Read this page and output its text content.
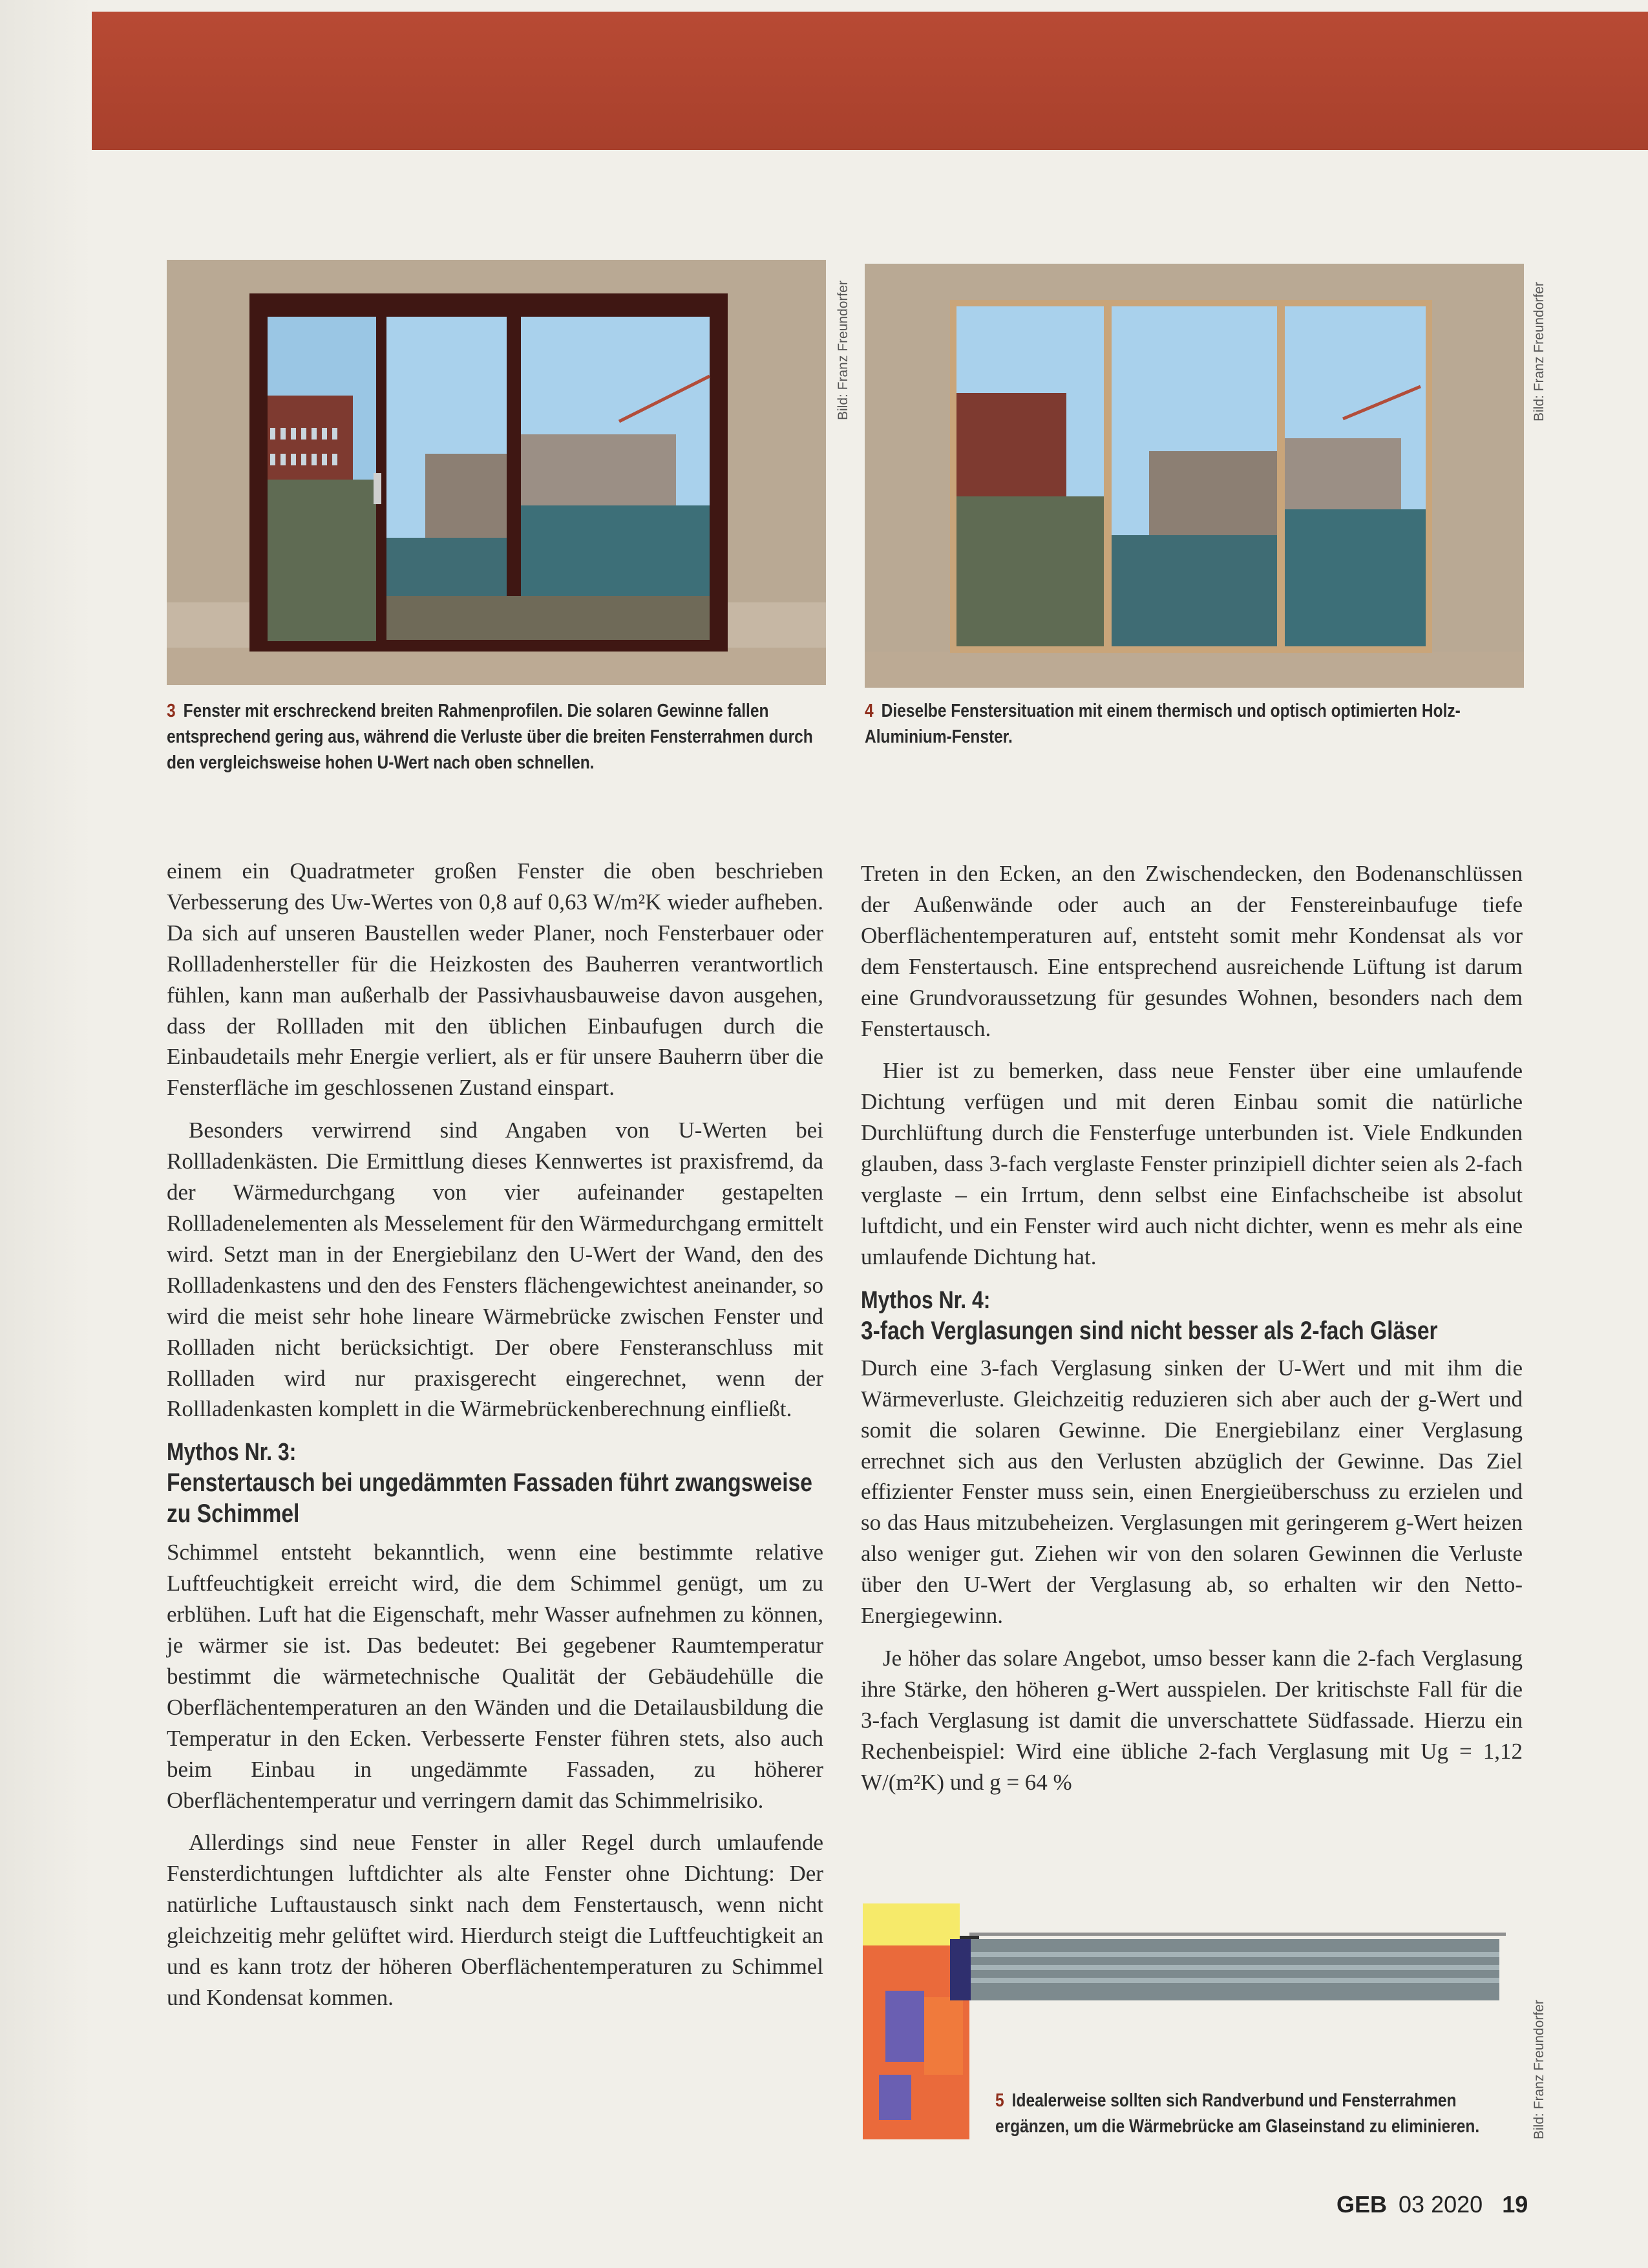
Bild: Franz Freundorfer	Bild: Franz Freundorfer
3 Fenster mit erschreckend breiten Rahmenprofilen. Die solaren Gewinne fallen entsprechend gering aus, während die Verluste über die breiten Fensterrahmen durch den vergleichsweise hohen U-Wert nach oben schnellen.
4 Dieselbe Fenstersituation mit einem thermisch und optisch optimierten Holz-Aluminium-Fenster.

einem ein Quadratmeter großen Fenster die oben beschrieben Verbesserung des Uw-Wertes von 0,8 auf 0,63 W/m²K wieder aufheben. Da sich auf unseren Baustellen weder Planer, noch Fensterbauer oder Rollladenhersteller für die Heizkosten des Bauherren verantwortlich fühlen, kann man außerhalb der Passivhausbauweise davon ausgehen, dass der Rollladen mit den üblichen Einbaufugen durch die Einbaudetails mehr Energie verliert, als er für unsere Bauherrn über die Fensterfläche im geschlossenen Zustand einspart.

Besonders verwirrend sind Angaben von U-Werten bei Rollladenkästen. Die Ermittlung dieses Kennwertes ist praxisfremd, da der Wärmedurchgang von vier aufeinander gestapelten Rollladenelementen als Messelement für den Wärmedurchgang ermittelt wird. Setzt man in der Energiebilanz den U-Wert der Wand, den des Rollladenkastens und den des Fensters flächengewichtest aneinander, so wird die meist sehr hohe lineare Wärmebrücke zwischen Fenster und Rollladen nicht berücksichtigt. Der obere Fensteranschluss mit Rollladen wird nur praxisgerecht eingerechnet, wenn der Rollladenkasten komplett in die Wärmebrückenberechnung einfließt.

Mythos Nr. 3:
Fenstertausch bei ungedämmten Fassaden führt zwangsweise zu Schimmel

Schimmel entsteht bekanntlich, wenn eine bestimmte relative Luftfeuchtigkeit erreicht wird, die dem Schimmel genügt, um zu erblühen. Luft hat die Eigenschaft, mehr Wasser aufnehmen zu können, je wärmer sie ist. Das bedeutet: Bei gegebener Raumtemperatur bestimmt die wärmetechnische Qualität der Gebäudehülle die Oberflächentemperaturen an den Wänden und die Detailausbildung die Temperatur in den Ecken. Verbesserte Fenster führen stets, also auch beim Einbau in ungedämmte Fassaden, zu höherer Oberflächentemperatur und verringern damit das Schimmelrisiko.

Allerdings sind neue Fenster in aller Regel durch umlaufende Fensterdichtungen luftdichter als alte Fenster ohne Dichtung: Der natürliche Luftaustausch sinkt nach dem Fenstertausch, wenn nicht gleichzeitig mehr gelüftet wird. Hierdurch steigt die Luftfeuchtigkeit an und es kann trotz der höheren Oberflächentemperaturen zu Schimmel und Kondensat kommen.

Treten in den Ecken, an den Zwischendecken, den Bodenanschlüssen der Außenwände oder auch an der Fenstereinbaufuge tiefe Oberflächentemperaturen auf, entsteht somit mehr Kondensat als vor dem Fenstertausch. Eine entsprechend ausreichende Lüftung ist darum eine Grundvoraussetzung für gesundes Wohnen, besonders nach dem Fenstertausch.

Hier ist zu bemerken, dass neue Fenster über eine umlaufende Dichtung verfügen und mit deren Einbau somit die natürliche Durchlüftung durch die Fensterfuge unterbunden ist. Viele Endkunden glauben, dass 3-fach verglaste Fenster prinzipiell dichter seien als 2-fach verglaste – ein Irrtum, denn selbst eine Einfachscheibe ist absolut luftdicht, und ein Fenster wird auch nicht dichter, wenn es mehr als eine umlaufende Dichtung hat.

Mythos Nr. 4:
3-fach Verglasungen sind nicht besser als 2-fach Gläser

Durch eine 3-fach Verglasung sinken der U-Wert und mit ihm die Wärmeverluste. Gleichzeitig reduzieren sich aber auch der g-Wert und somit die solaren Gewinne. Die Energiebilanz einer Verglasung errechnet sich aus den Verlusten abzüglich der Gewinne. Das Ziel effizienter Fenster muss sein, einen Energieüberschuss zu erzielen und so das Haus mitzubeheizen. Verglasungen mit geringerem g-Wert heizen also weniger gut. Ziehen wir von den solaren Gewinnen die Verluste über den U-Wert der Verglasung ab, so erhalten wir den Netto-Energiegewinn.

Je höher das solare Angebot, umso besser kann die 2-fach Verglasung ihre Stärke, den höheren g-Wert ausspielen. Der kritischste Fall für die 3-fach Verglasung ist damit die unverschattete Südfassade. Hierzu ein Rechenbeispiel: Wird eine übliche 2-fach Verglasung mit Ug = 1,12 W/(m²K) und g = 64 %

Bild: Franz Freundorfer
5 Idealerweise sollten sich Randverbund und Fensterrahmen ergänzen, um die Wärmebrücke am Glaseinstand zu eliminieren.
GEB 03 2020 19
